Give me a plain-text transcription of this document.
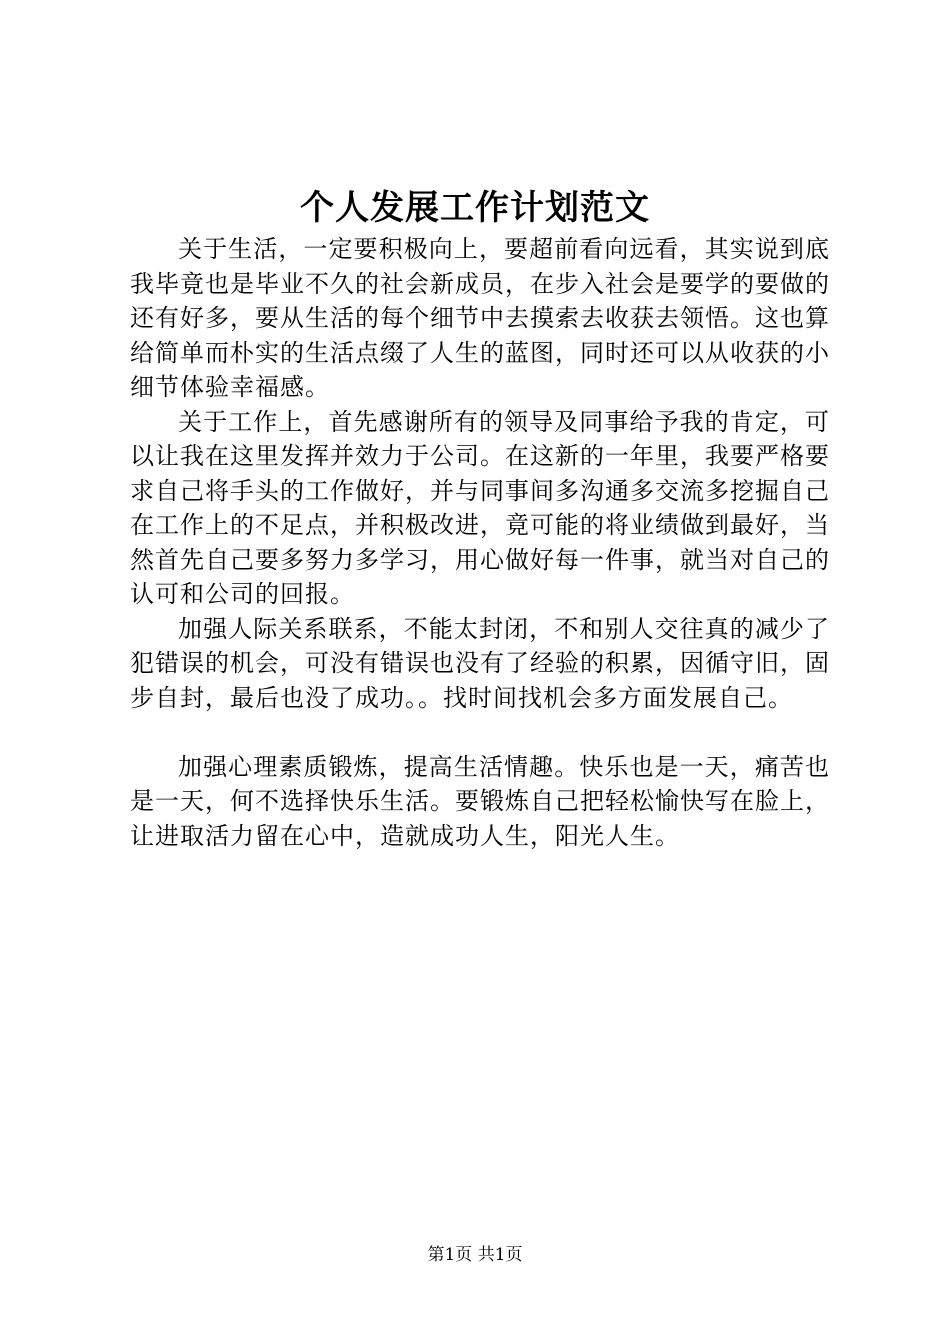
个人发展工作计划范文

关于生活，一定要积极向上，要超前看向远看，其实说到底我毕竟也是毕业不久的社会新成员，在步入社会是要学的要做的还有好多，要从生活的每个细节中去摸索去收获去领悟。这也算给简单而朴实的生活点缀了人生的蓝图，同时还可以从收获的小细节体验幸福感。

关于工作上，首先感谢所有的领导及同事给予我的肯定，可以让我在这里发挥并效力于公司。在这新的一年里，我要严格要求自己将手头的工作做好，并与同事间多沟通多交流多挖掘自己在工作上的不足点，并积极改进，竟可能的将业绩做到最好，当然首先自己要多努力多学习，用心做好每一件事，就当对自己的认可和公司的回报。

加强人际关系联系，不能太封闭，不和别人交往真的减少了犯错误的机会，可没有错误也没有了经验的积累，因循守旧，固步自封，最后也没了成功。。找时间找机会多方面发展自己。

加强心理素质锻炼，提高生活情趣。快乐也是一天，痛苦也是一天，何不选择快乐生活。要锻炼自己把轻松愉快写在脸上，让进取活力留在心中，造就成功人生，阳光人生。

第1页 共1页
